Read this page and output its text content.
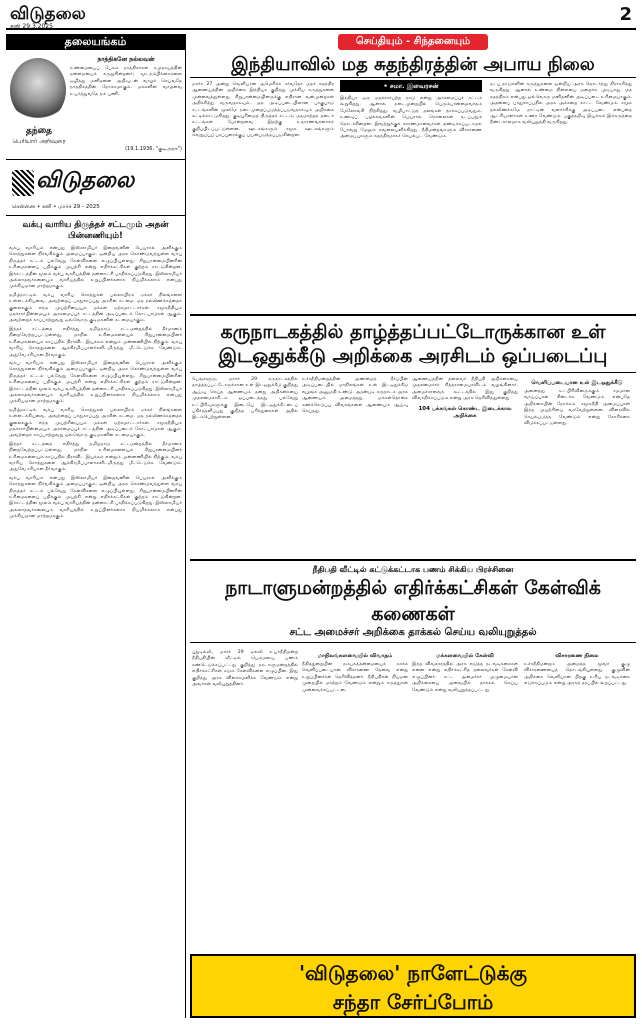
விடுதலை
சனி 29.3.2025
2
தலையங்கம்
தந்தை
பெரியார் அறிவுரை
நாத்திகனே நல்லவன்
உண்மையைப் பேசும் நாத்திகர்கள் சமுதாயத்தின் நன்மையைக் கருதுகின்றனர்; மூடநம்பிக்கைகளை ஒழித்து மனிதனை அறிவுடன் வாழச் செய்வதே நாத்திகத்தின் நோக்கமாகும். மக்களின் வாழ்வை உயர்த்துவதே நம் பணி.
(19.1.1936, "குடிஅரசு")
விடுதலை
சென்னை • சனி • மார்ச் 29 - 2025
வக்பு வாரிய திருத்தச் சட்டமும் அதன் பின்னணியும்!

வக்பு வாரியம் என்பது இஸ்லாமியர் இறைவனின் பெயரால் அளிக்கும் சொத்துகளை நிர்வகிக்கும் அமைப்பாகும். ஒன்றிய அரசு கொண்டுவந்துள்ள வக்பு திருத்தச் சட்டம் பல்வேறு கேள்விகளை எழுப்பியுள்ளது. சிறுபான்மையினரின் உரிமைகளைப் பறிக்கும் முயற்சி என்று எதிர்க்கட்சிகள் குற்றம் சாட்டுகின்றன. இச்சட்டத்தின் மூலம் வக்பு வாரியத்தின் தன்னாட்சி பாதிக்கப்படுகிறது. இஸ்லாமியர் அல்லாதவர்களையும் வாரியத்தில் உறுப்பினர்களாக நியமிக்கலாம் என்பது முக்கியமான மாற்றமாகும்.

தமிழ்நாட்டில் வக்பு வாரிய சொத்துகள் பல்லாயிரம் ஏக்கர் நிலங்களை உள்ளடக்கியவை. அவற்றைப் பாதுகாப்பது அரசின் கடமை. மத நல்லிணக்கத்தைக் குலைக்கும் எந்த முயற்சியையும் மக்கள் ஏற்கமாட்டார்கள். சமூகநீதியும் மதச்சார்பின்மையும் அரசமைப்புச் சட்டத்தின் அடிப்படைக் கோட்பாடுகள் ஆகும். அவற்றைக் காப்பாற்றுவது ஒவ்வொரு குடிமகனின் கடமையாகும்.

இந்தச் சட்டத்தை எதிர்த்து தமிழ்நாடு சட்டமன்றத்தில் தீர்மானம் நிறைவேற்றப்பட்டுள்ளது. மாநில உரிமைகளையும் சிறுபான்மையினர் உரிமைகளையும் காப்பதில் திராவிட இயக்கம் என்றும் முன்னணியில் நிற்கும். வக்பு வாரிய சொத்துகளை ஆக்கிரமிப்பாளர்களிடமிருந்து மீட்டெடுக்க வேண்டும். அதுவே சரியான தீர்வாகும்.

வக்பு வாரியம் என்பது இஸ்லாமியர் இறைவனின் பெயரால் அளிக்கும் சொத்துகளை நிர்வகிக்கும் அமைப்பாகும். ஒன்றிய அரசு கொண்டுவந்துள்ள வக்பு திருத்தச் சட்டம் பல்வேறு கேள்விகளை எழுப்பியுள்ளது. சிறுபான்மையினரின் உரிமைகளைப் பறிக்கும் முயற்சி என்று எதிர்க்கட்சிகள் குற்றம் சாட்டுகின்றன. இச்சட்டத்தின் மூலம் வக்பு வாரியத்தின் தன்னாட்சி பாதிக்கப்படுகிறது. இஸ்லாமியர் அல்லாதவர்களையும் வாரியத்தில் உறுப்பினர்களாக நியமிக்கலாம் என்பது முக்கியமான மாற்றமாகும்.

தமிழ்நாட்டில் வக்பு வாரிய சொத்துகள் பல்லாயிரம் ஏக்கர் நிலங்களை உள்ளடக்கியவை. அவற்றைப் பாதுகாப்பது அரசின் கடமை. மத நல்லிணக்கத்தைக் குலைக்கும் எந்த முயற்சியையும் மக்கள் ஏற்கமாட்டார்கள். சமூகநீதியும் மதச்சார்பின்மையும் அரசமைப்புச் சட்டத்தின் அடிப்படைக் கோட்பாடுகள் ஆகும். அவற்றைக் காப்பாற்றுவது ஒவ்வொரு குடிமகனின் கடமையாகும்.

இந்தச் சட்டத்தை எதிர்த்து தமிழ்நாடு சட்டமன்றத்தில் தீர்மானம் நிறைவேற்றப்பட்டுள்ளது. மாநில உரிமைகளையும் சிறுபான்மையினர் உரிமைகளையும் காப்பதில் திராவிட இயக்கம் என்றும் முன்னணியில் நிற்கும். வக்பு வாரிய சொத்துகளை ஆக்கிரமிப்பாளர்களிடமிருந்து மீட்டெடுக்க வேண்டும். அதுவே சரியான தீர்வாகும்.

வக்பு வாரியம் என்பது இஸ்லாமியர் இறைவனின் பெயரால் அளிக்கும் சொத்துகளை நிர்வகிக்கும் அமைப்பாகும். ஒன்றிய அரசு கொண்டுவந்துள்ள வக்பு திருத்தச் சட்டம் பல்வேறு கேள்விகளை எழுப்பியுள்ளது. சிறுபான்மையினரின் உரிமைகளைப் பறிக்கும் முயற்சி என்று எதிர்க்கட்சிகள் குற்றம் சாட்டுகின்றன. இச்சட்டத்தின் மூலம் வக்பு வாரியத்தின் தன்னாட்சி பாதிக்கப்படுகிறது. இஸ்லாமியர் அல்லாதவர்களையும் வாரியத்தில் உறுப்பினர்களாக நியமிக்கலாம் என்பது முக்கியமான மாற்றமாகும்.

செய்தியும் - சிந்தனையும்
இந்தியாவில் மத சுதந்திரத்தின் அபாய நிலை
மார்ச் 27 அன்று வெளியான அமெரிக்க சர்வதேச மதச் சுதந்திர ஆணையத்தின் அறிக்கை இந்தியா குறித்து முக்கிய கருத்துகளை முன்வைத்துள்ளது. சிறுபான்மையினருக்கு எதிரான வன்முறைகள் அதிகரித்து வருவதாகவும், மத அடிப்படையிலான பாகுபாடு சட்டங்களின் மூலமே நடைமுறைப்படுத்தப்படுவதாகவும் அறிக்கை சுட்டிக்காட்டுகிறது. குடியுரிமைத் திருத்தச் சட்டம், மதமாற்றத் தடைச் சட்டங்கள் போன்றவை இதற்கு உதாரணங்களாகக் குறிப்பிடப்பட்டுள்ளன. ஊடகங்களும் சமூக ஊடகங்களும் வெறுப்புப் பரப்புரைக்குப் பயன்படுத்தப்படுகின்றன.
• சமா. இளவரசன்
இந்தியா ஒரு மதச்சார்பற்ற நாடு என்று அரசமைப்புச் சட்டம் கூறுகிறது. ஆனால் நடைமுறையில் பெரும்பான்மைவாதம் மேலோங்கி நிற்கிறது. வழிபாட்டுத் தலங்கள் தாக்கப்படுவதும், உணவுப் பழக்கங்களின் பெயரால் கொலைகள் நடப்பதும் தொடர்கின்றன. இவற்றுக்குக் காரணமானவர்கள் தண்டிக்கப்படாமல் போவது மேலும் கவலையளிக்கிறது. நீதிமன்றங்களும் விசாரணை அமைப்புகளும் சுதந்திரமாகச் செயல்பட வேண்டும்.
நட்பு நாடுகளின் கருத்துகளை ஒன்றிய அரசு தொடர்ந்து நிராகரித்து வருகிறது. ஆனால் உண்மை நிலையை மறைக்க முடியாது. மத சுதந்திரம் என்பது ஒவ்வொரு மனிதனின் அடிப்படை உரிமையாகும். அதனைப் பாதுகாப்பதில் அரசு அக்கறை காட்ட வேண்டும். சமூக நல்லிணக்கமே நாட்டின் வளர்ச்சிக்கு அடிப்படை என்பதை ஆட்சியாளர்கள் உணர வேண்டும். பகுத்தறிவு இயக்கம் இக்கருத்தை நீண்டகாலமாக வலியுறுத்தி வருகிறது.
கருநாடகத்தில் தாழ்த்தப்பட்டோருக்கான உள் இடஒதுக்கீடு அறிக்கை அரசிடம் ஒப்படைப்பு
பெங்களூரு, மார்ச் 29 கருநாடகத்தில் தாழ்த்தப்பட்டோருக்கான உள் இடஒதுக்கீடு குறித்து ஆய்வு செய்த ஆணையம் தனது அறிக்கையை முதலமைச்சரிடம் ஒப்படைத்தது. பல்வேறு உட்பிரிவுகளுக்கு இடையே இடஒதுக்கீட்டைப் பகிர்ந்தளிப்பது குறித்த பரிந்துரைகள் அதில் இடம்பெற்றுள்ளன.
உச்சநீதிமன்றத்தின் அண்மைத் தீர்ப்பின் அடிப்படையில் மாநிலங்கள் உள் இடஒதுக்கீடு வழங்க அனுமதி உண்டு. அதன்படி கருநாடக அரசு ஆணையம் அமைத்தது. மக்கள்தொகை கணக்கெடுப்பு விவரங்களை ஆணையம் ஆய்வு செய்தது.
ஆணையத்தின் தலைவர் நீதிபதி அறிக்கையை முதலமைச்சர் சித்தராமையாவிடம் வழங்கினார். அமைச்சரவைக் கூட்டத்தில் இது குறித்து விவாதிக்கப்படும் என்று அரசு தெரிவித்துள்ளது.
104 பக்கங்கள் கொண்ட இடைக்கால அறிக்கை
வெளிப்படையான உள் இடஒதுக்கீடு
அனைத்து உட்பிரிவினருக்கும் சமமான வாய்ப்புகள் கிடைக்க வேண்டும் என்பதே அறிக்கையின் நோக்கம். சமூகநீதி அமைப்புகள் இந்த முயற்சியை வரவேற்றுள்ளன. விரைவில் செயல்படுத்த வேண்டும் என்று கோரிக்கை விடுக்கப்பட்டுள்ளது.
நீதிபதி வீட்டில் கட்டுக்கட்டாக பணம் சிக்கிய பிரச்சினை
நாடாளுமன்றத்தில் எதிர்க்கட்சிகள் கேள்விக் கணைகள்
சட்ட அமைச்சர் அறிக்கை தாக்கல் செய்ய வலியுறுத்தல்
புதுடில்லி, மார்ச் 29 டில்லி உயர்நீதிமன்ற நீதிபதியின் வீட்டில் பெருமளவு பணம் கண்டெடுக்கப்பட்டது குறித்து நாடாளுமன்றத்தில் எதிர்க்கட்சிகள் கடும் கேள்விகளை எழுப்பின. இது குறித்து அரசு விளக்கமளிக்க வேண்டும் என்று அவர்கள் வலியுறுத்தினர்.
மாநிலங்களவையில் விவாதம்
நீதித்துறையின் நம்பகத்தன்மையைக் காக்க வெளிப்படையான விசாரணை தேவை என்று உறுப்பினர்கள் தெரிவித்தனர். நீதிபதிகள் நியமன முறையில் மாற்றம் வேண்டும் என்றும் கருத்துகள் முன்வைக்கப்பட்டன.
மக்களவையில் கேள்வி
இந்த விவகாரத்தில் அரசு எடுத்த நடவடிக்கைகள் என்ன என்று எதிர்க்கட்சித் தலைவர்கள் கேள்வி எழுப்பினர். சட்ட அமைச்சர் முழுமையான அறிக்கையை அவையில் தாக்கல் செய்ய வேண்டும் என்று வலியுறுத்தப்பட்டது.
விசாரணை நிலை
உச்சநீதிமன்றம் அமைத்த மூவர் குழு விசாரணையைத் தொடங்கியுள்ளது. குழுவின் அறிக்கை வெளியான பிறகு உரிய நடவடிக்கை எடுக்கப்படும் என்று அரசுத் தரப்பில் கூறப்பட்டது.
'விடுதலை' நாளேட்டுக்கு
சந்தா சேர்ப்போம்
